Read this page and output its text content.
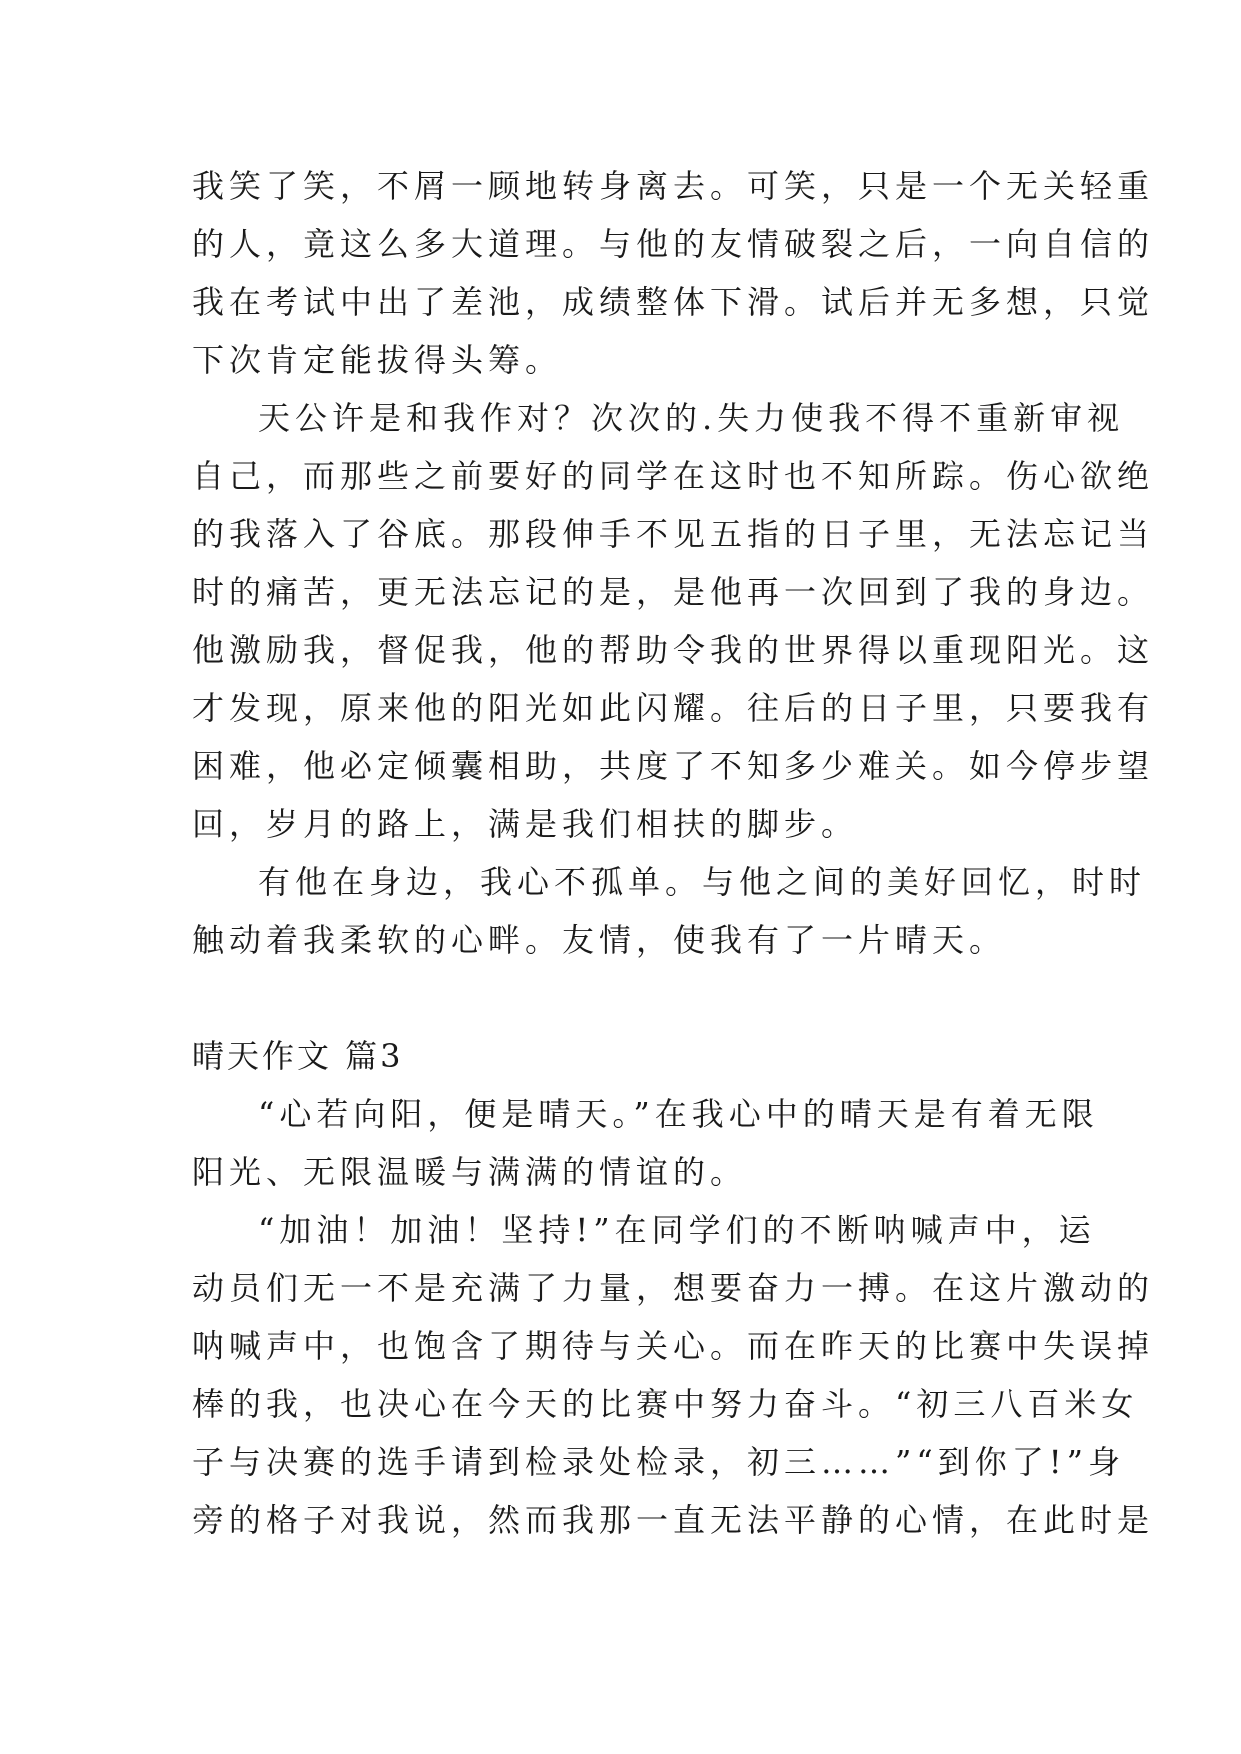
我笑了笑，不屑一顾地转身离去。可笑，只是一个无关轻重
的人，竟这么多大道理。与他的友情破裂之后，一向自信的
我在考试中出了差池，成绩整体下滑。试后并无多想，只觉
下次肯定能拔得头筹。
天公许是和我作对？次次的.失力使我不得不重新审视
自己，而那些之前要好的同学在这时也不知所踪。伤心欲绝
的我落入了谷底。那段伸手不见五指的日子里，无法忘记当
时的痛苦，更无法忘记的是，是他再一次回到了我的身边。
他激励我，督促我，他的帮助令我的世界得以重现阳光。这
才发现，原来他的阳光如此闪耀。往后的日子里，只要我有
困难，他必定倾囊相助，共度了不知多少难关。如今停步望
回，岁月的路上，满是我们相扶的脚步。
有他在身边，我心不孤单。与他之间的美好回忆，时时
触动着我柔软的心畔。友情，使我有了一片晴天。
晴天作文 篇3
“心若向阳，便是晴天。”在我心中的晴天是有着无限
阳光、无限温暖与满满的情谊的。
“加油！加油！坚持!”在同学们的不断呐喊声中，运
动员们无一不是充满了力量，想要奋力一搏。在这片激动的
呐喊声中，也饱含了期待与关心。而在昨天的比赛中失误掉
棒的我，也决心在今天的比赛中努力奋斗。“初三八百米女
子与决赛的选手请到检录处检录，初三……”“到你了!”身
旁的格子对我说，然而我那一直无法平静的心情，在此时是
